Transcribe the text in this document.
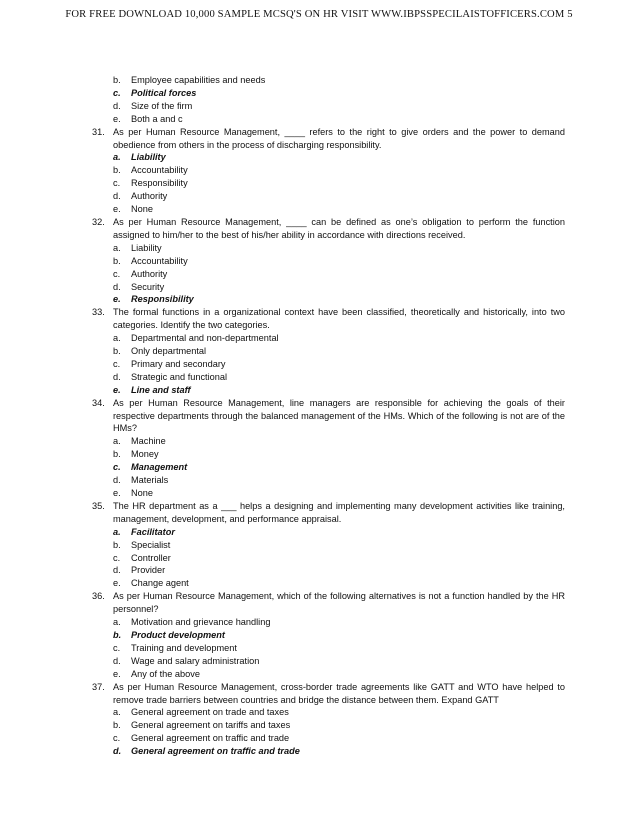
FOR FREE DOWNLOAD 10,000 SAMPLE MCSQ'S ON HR VISIT WWW.IBPSSPECILAISTOFFICERS.COM 5
b.	Employee capabilities and needs
c.	Political forces
d.	Size of the firm
e.	Both a and c
31. As per Human Resource Management, ____ refers to the right to give orders and the power to demand obedience from others in the process of discharging responsibility.
a.	Liability
b.	Accountability
c.	Responsibility
d.	Authority
e.	None
32. As per Human Resource Management, ____ can be defined as one’s obligation to perform the function assigned to him/her to the best of his/her ability in accordance with directions received.
a.	Liability
b.	Accountability
c.	Authority
d.	Security
e.	Responsibility
33. The formal functions in a organizational context have been classified, theoretically and historically, into two categories. Identify the two categories.
a.	Departmental and non-departmental
b.	Only departmental
c.	Primary and secondary
d.	Strategic and functional
e.	Line and staff
34. As per Human Resource Management, line managers are responsible for achieving the goals of their respective departments through the balanced management of the HMs. Which of the following is not are of the HMs?
a.	Machine
b.	Money
c.	Management
d.	Materials
e.	None
35. The HR department as a ___ helps a designing and implementing many development activities like training, management, development, and performance appraisal.
a.	Facilitator
b.	Specialist
c.	Controller
d.	Provider
e.	Change agent
36. As per Human Resource Management, which of the following alternatives is not a function handled by the HR personnel?
a.	Motivation and grievance handling
b.	Product development
c.	Training and development
d.	Wage and salary administration
e.	Any of the above
37. As per Human Resource Management, cross-border trade agreements like GATT and WTO have helped to remove trade barriers between countries and bridge the distance between them. Expand GATT
a.	General agreement on trade and taxes
b.	General agreement on tariffs and taxes
c.	General agreement on traffic and trade
d.	General agreement on traffic and trade
